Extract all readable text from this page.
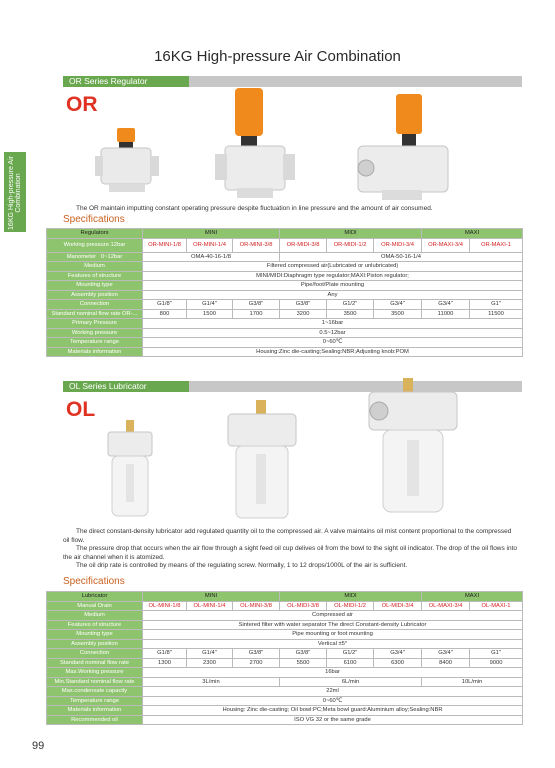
16KG High-pressure Air Combination
16KG High-pressure Air Combination
OR Series Regulator
OR
The OR maintain imputting constant operating pressure despite fluctuation in line pressure and the amount of air consumed.
Specifications
Regulators	MINI			MIDI			MAXI	
Working pressure 12bar	OR-MINI-1/8	OR-MINI-1/4	OR-MINI-3/8	OR-MIDI-3/8	OR-MIDI-1/2	OR-MIDI-3/4	OR-MAXI-3/4	OR-MAXI-1
Manometer 0~12bar	OMA-40-16-1/8			OMA-50-16-1/4				
Medium	Filtered compressed air(Lubricated or unlubricated)							
Features of structure	MINI/MIDI:Diaphragm type regulator;MAXI:Piston regulator;							
Mounting type	Pipe/foot/Plate mounting							
Assembly position	Any							
Connection	G1/8"	G1/4"	G3/8"	G3/8"	G1/2"	G3/4"	G3/4"	G1"
Standard nominal flow rate OR-...	800	1500	1700	3200	3500	3500	11000	11500
Primary Pressure	1~16bar							
Working pressure	0.5~12bar							
Temperature range	0~60℃							
Materials information	Housing:Zinc die-casting;Sealing:NBR;Adjusting knob:POM							
OL Series Lubricator
OL
The direct constant-density lubricator add regulated quantity oil to the compressed air. A valve maintains oil mist content proportional to the compressed oil flow.
The pressure drop that occurs when the air flow through a sight feed oil cup delives oil from the bowl to the sight oil indicator. The drop of the oil flows into the air channel when it is atomized.
The oil drip rate is controlled by means of the regulating screw. Normally, 1 to 12 drops/1000L of the air is sufficient.
Specifications
Lubricator	MINI			MIDI			MAXI	
Manual Drain	OL-MINI-1/8	OL-MINI-1/4	OL-MINI-3/8	OL-MIDI-3/8	OL-MIDI-1/2	OL-MIDI-3/4	OL-MAXI-3/4	OL-MAXI-1
Medium	Compressed air							
Features of structure	Sintered filter with water separator The direct Constant-density Lubricator							
Mounting type	Pipe mounting or foot mounting							
Assembly position	Vertical ±5°							
Connection	G1/8"	G1/4"	G3/8"	G3/8"	G1/2"	G3/4"	G3/4"	G1"
Standard nominal flow rate	1300	2300	2700	5500	6100	6300	8400	9000
Max.Working pressure	16bar							
Min.Standard nominal flow rate	3L/min			6L/min			10L/min	
Max.condensate capacity	22ml							
Temperature range	0~60℃							
Materials information	Housing: Zinc die-casting; Oil bowl:PC;Meta bowl guard:Aluminium alloy;Sealing:NBR							
Recommended oil	ISO VG 32 or the same grade							
99
